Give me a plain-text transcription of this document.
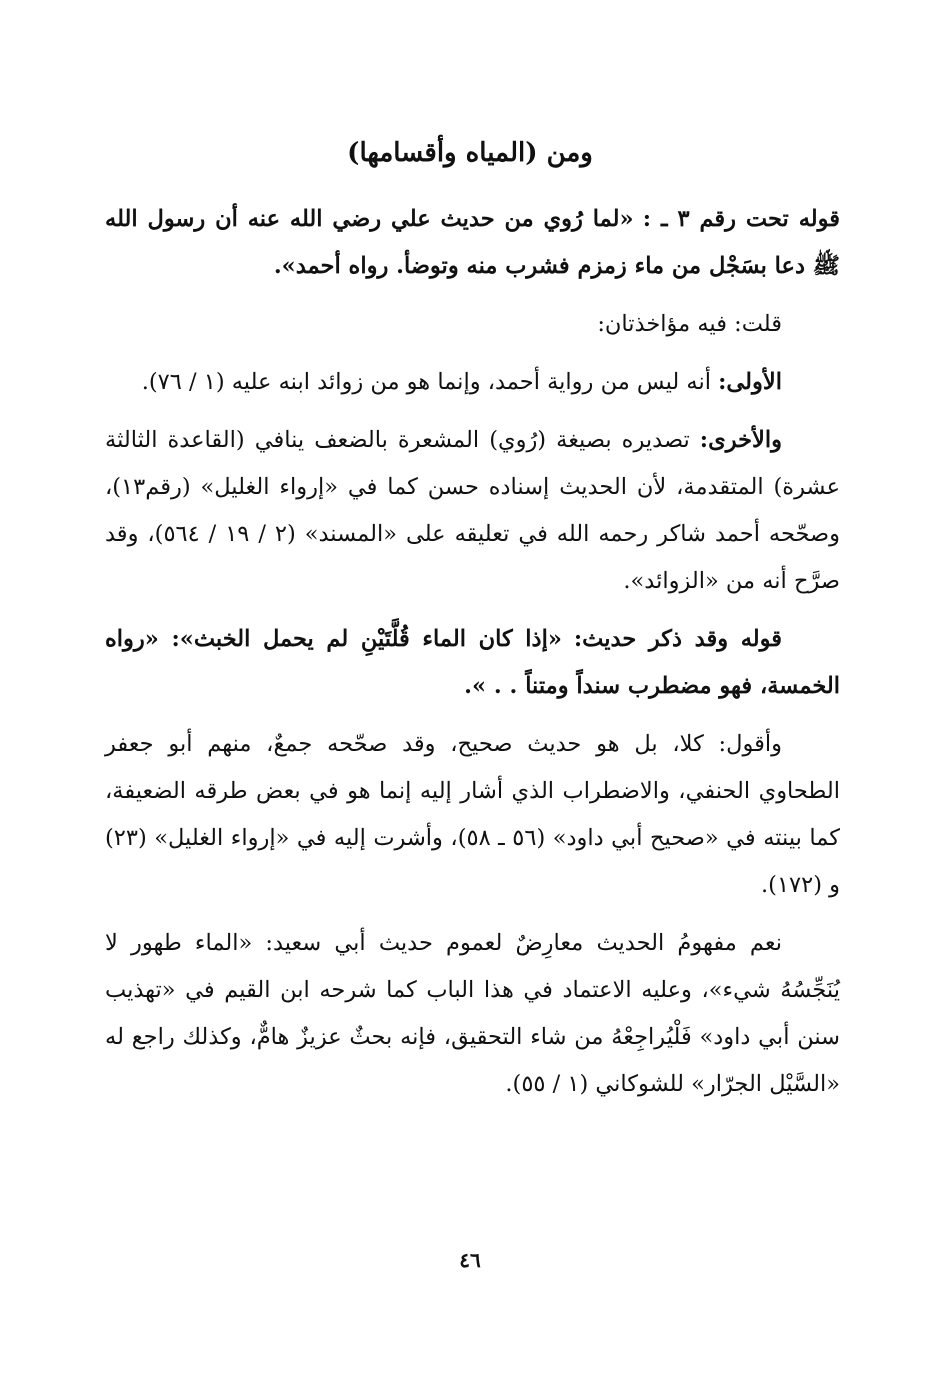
ومن (المياه وأقسامها)

قوله تحت رقم ٣ ـ : «لما رُوي من حديث علي رضي الله عنه أن رسول الله ﷺ دعا بسَجْل من ماء زمزم فشرب منه وتوضأ. رواه أحمد».

قلت: فيه مؤاخذتان:

الأولى: أنه ليس من رواية أحمد، وإنما هو من زوائد ابنه عليه (١ / ٧٦).

والأخرى: تصديره بصيغة (رُوي) المشعرة بالضعف ينافي (القاعدة الثالثة عشرة) المتقدمة، لأن الحديث إسناده حسن كما في «إرواء الغليل» (رقم١٣)، وصحّحه أحمد شاكر رحمه الله في تعليقه على «المسند» (٢ / ١٩ / ٥٦٤)، وقد صرَّح أنه من «الزوائد».

قوله وقد ذكر حديث: «إذا كان الماء قُلَّتَيْنِ لم يحمل الخبث»: «رواه الخمسة، فهو مضطرب سنداً ومتناً . . ».

وأقول: كلا، بل هو حديث صحيح، وقد صحّحه جمعٌ، منهم أبو جعفر الطحاوي الحنفي، والاضطراب الذي أشار إليه إنما هو في بعض طرقه الضعيفة، كما بينته في «صحيح أبي داود» (٥٦ ـ ٥٨)، وأشرت إليه في «إرواء الغليل» (٢٣) و (١٧٢).

نعم مفهومُ الحديث معارِضٌ لعموم حديث أبي سعيد: «الماء طهور لا يُنَجِّسُهُ شيء»، وعليه الاعتماد في هذا الباب كما شرحه ابن القيم في «تهذيب سنن أبي داود» فَلْيُراجِعْهُ من شاء التحقيق، فإنه بحثٌ عزيزٌ هامٌّ، وكذلك راجع له «السَّيْل الجرّار» للشوكاني (١ / ٥٥).

٤٦
